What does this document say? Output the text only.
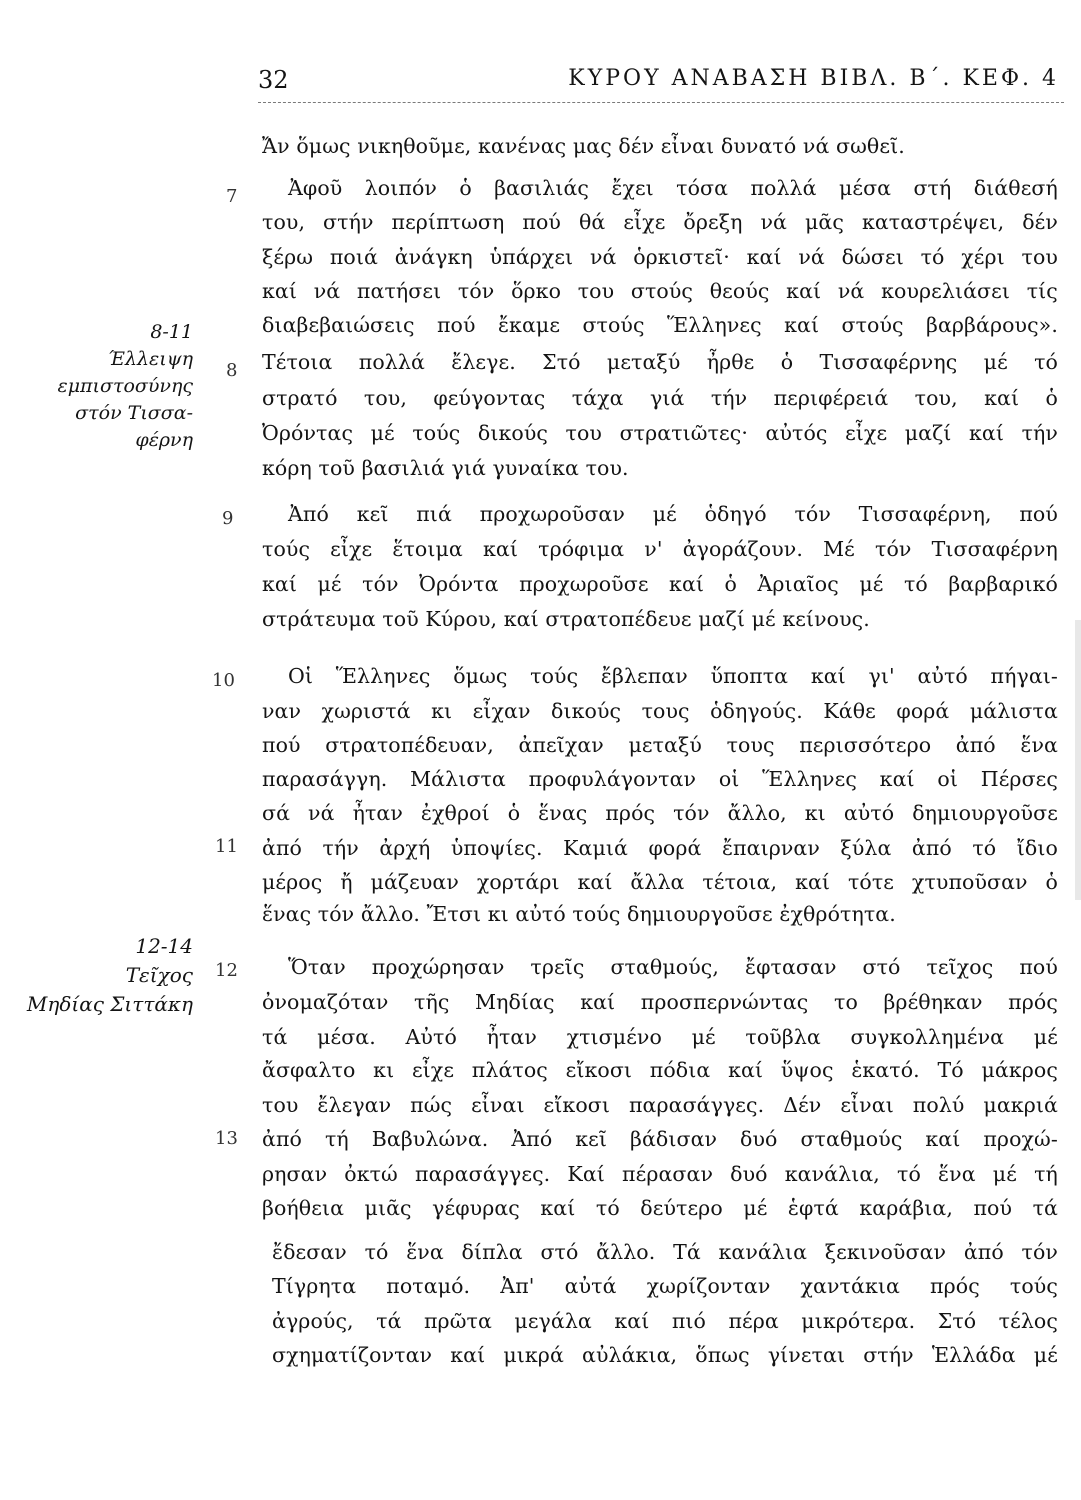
32	ΚΥΡΟΥ ΑΝΑΒΑΣΗ ΒΙΒΛ. Β΄. ΚΕΦ. 4
7
8
9
10
11
12
13
8-11
Έλλειψη
εμπιστοσύνης
στόν Τισσα-
φέρνη
12-14
Τεῖχος
Μηδίας Σιττάκη
Ἄν ὅμως νικηθοῦμε, κανένας μας δέν εἶναι δυνατό νά σωθεῖ.
Ἀφοῦ λοιπόν ὁ βασιλιάς ἔχει τόσα πολλά μέσα στή διάθεσή
του, στήν περίπτωση πού θά εἶχε ὄρεξη νά μᾶς καταστρέψει, δέν
ξέρω ποιά ἀνάγκη ὑπάρχει νά ὁρκιστεῖ· καί νά δώσει τό χέρι του
καί νά πατήσει τόν ὅρκο του στούς θεούς καί νά κουρελιάσει τίς
διαβεβαιώσεις πού ἔκαμε στούς Ἕλληνες καί στούς βαρβάρους».
Τέτοια πολλά ἔλεγε. Στό μεταξύ ἦρθε ὁ Τισσαφέρνης μέ τό
στρατό του, φεύγοντας τάχα γιά τήν περιφέρειά του, καί ὁ
Ὀρόντας μέ τούς δικούς του στρατιῶτες· αὐτός εἶχε μαζί καί τήν
κόρη τοῦ βασιλιά γιά γυναίκα του.
Ἀπό κεῖ πιά προχωροῦσαν μέ ὁδηγό τόν Τισσαφέρνη, πού
τούς εἶχε ἕτοιμα καί τρόφιμα ν' ἀγοράζουν. Μέ τόν Τισσαφέρνη
καί μέ τόν Ὀρόντα προχωροῦσε καί ὁ Ἀριαῖος μέ τό βαρβαρικό
στράτευμα τοῦ Κύρου, καί στρατοπέδευε μαζί μέ κείνους.
Οἱ Ἕλληνες ὅμως τούς ἔβλεπαν ὕποπτα καί γι' αὐτό πήγαι-
ναν χωριστά κι εἶχαν δικούς τους ὁδηγούς. Κάθε φορά μάλιστα
πού στρατοπέδευαν, ἀπεῖχαν μεταξύ τους περισσότερο ἀπό ἕνα
παρασάγγη. Μάλιστα προφυλάγονταν οἱ Ἕλληνες καί οἱ Πέρσες
σά νά ἦταν ἐχθροί ὁ ἕνας πρός τόν ἄλλο, κι αὐτό δημιουργοῦσε
ἀπό τήν ἀρχή ὑποψίες. Καμιά φορά ἔπαιρναν ξύλα ἀπό τό ἴδιο
μέρος ἤ μάζευαν χορτάρι καί ἄλλα τέτοια, καί τότε χτυποῦσαν ὁ
ἕνας τόν ἄλλο. Ἔτσι κι αὐτό τούς δημιουργοῦσε ἐχθρότητα.
Ὅταν προχώρησαν τρεῖς σταθμούς, ἔφτασαν στό τεῖχος πού
ὀνομαζόταν τῆς Μηδίας καί προσπερνώντας το βρέθηκαν πρός
τά μέσα. Αὐτό ἦταν χτισμένο μέ τοῦβλα συγκολλημένα μέ
ἄσφαλτο κι εἶχε πλάτος εἴκοσι πόδια καί ὕψος ἑκατό. Τό μάκρος
του ἔλεγαν πώς εἶναι εἴκοσι παρασάγγες. Δέν εἶναι πολύ μακριά
ἀπό τή Βαβυλώνα. Ἀπό κεῖ βάδισαν δυό σταθμούς καί προχώ-
ρησαν ὀκτώ παρασάγγες. Καί πέρασαν δυό κανάλια, τό ἕνα μέ τή
βοήθεια μιᾶς γέφυρας καί τό δεύτερο μέ ἑφτά καράβια, πού τά
ἔδεσαν τό ἕνα δίπλα στό ἄλλο. Τά κανάλια ξεκινοῦσαν ἀπό τόν
Τίγρητα ποταμό. Ἀπ' αὐτά χωρίζονταν χαντάκια πρός τούς
ἀγρούς, τά πρῶτα μεγάλα καί πιό πέρα μικρότερα. Στό τέλος
σχηματίζονταν καί μικρά αὐλάκια, ὅπως γίνεται στήν Ἑλλάδα μέ
